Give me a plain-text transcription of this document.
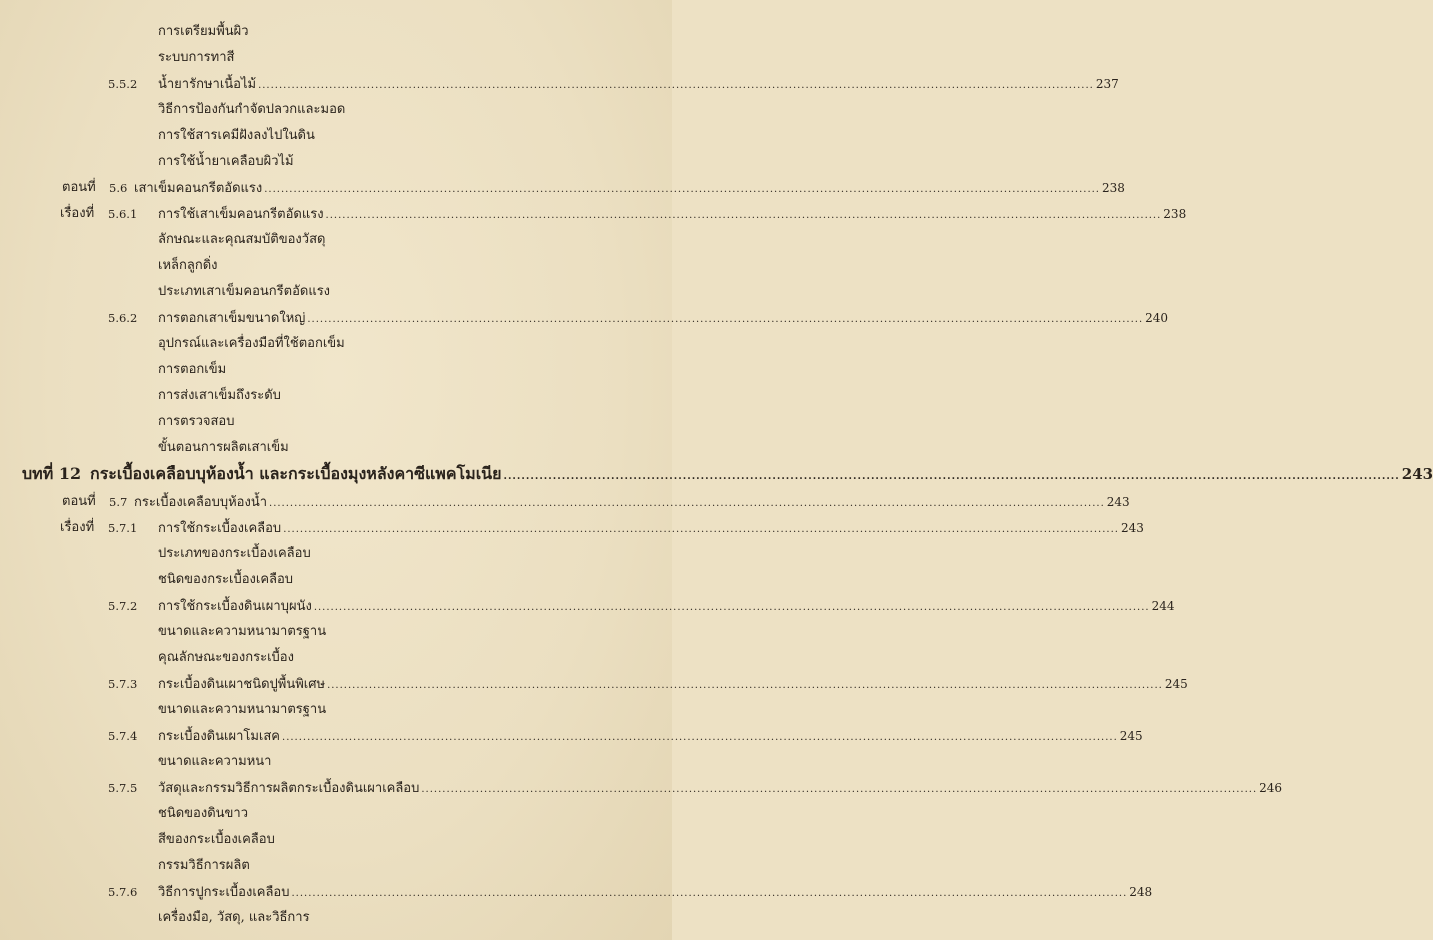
การเตรียมพื้นผิว
ระบบการทาสี
5.5.2 น้ำยารักษาเนื้อไม้ ........................................................................................................................................................................................................ 237
วิธีการป้องกันกำจัดปลวกและมอด
การใช้สารเคมีฝังลงไปในดิน
การใช้น้ำยาเคลือบผิวไม้
ตอนที่ 5.6 เสาเข็มคอนกรีตอัดแรง ........................................................................................................................................................................................................ 238
เรื่องที่ 5.6.1 การใช้เสาเข็มคอนกรีตอัดแรง ........................................................................................................................................................................................................ 238
ลักษณะและคุณสมบัติของวัสดุ
เหล็กลูกดิ่ง
ประเภทเสาเข็มคอนกรีตอัดแรง
5.6.2 การตอกเสาเข็มขนาดใหญ่ ........................................................................................................................................................................................................ 240
อุปกรณ์และเครื่องมือที่ใช้ตอกเข็ม
การตอกเข็ม
การส่งเสาเข็มถึงระดับ
การตรวจสอบ
ขั้นตอนการผลิตเสาเข็ม
บทที่ 12 กระเบื้องเคลือบบุห้องน้ำ และกระเบื้องมุงหลังคาซีแพคโมเนีย ........................................................................................................................................................................................................ 243
ตอนที่ 5.7 กระเบื้องเคลือบบุห้องน้ำ ........................................................................................................................................................................................................ 243
เรื่องที่ 5.7.1 การใช้กระเบื้องเคลือบ ........................................................................................................................................................................................................ 243
ประเภทของกระเบื้องเคลือบ
ชนิดของกระเบื้องเคลือบ
5.7.2 การใช้กระเบื้องดินเผาบุผนัง ........................................................................................................................................................................................................ 244
ขนาดและความหนามาตรฐาน
คุณลักษณะของกระเบื้อง
5.7.3 กระเบื้องดินเผาชนิดปูพื้นพิเศษ ........................................................................................................................................................................................................ 245
ขนาดและความหนามาตรฐาน
5.7.4 กระเบื้องดินเผาโมเสค ........................................................................................................................................................................................................ 245
ขนาดและความหนา
5.7.5 วัสดุและกรรมวิธีการผลิตกระเบื้องดินเผาเคลือบ ........................................................................................................................................................................................................ 246
ชนิดของดินขาว
สีของกระเบื้องเคลือบ
กรรมวิธีการผลิต
5.7.6 วิธีการปูกระเบื้องเคลือบ ........................................................................................................................................................................................................ 248
เครื่องมือ, วัสดุ, และวิธีการ
